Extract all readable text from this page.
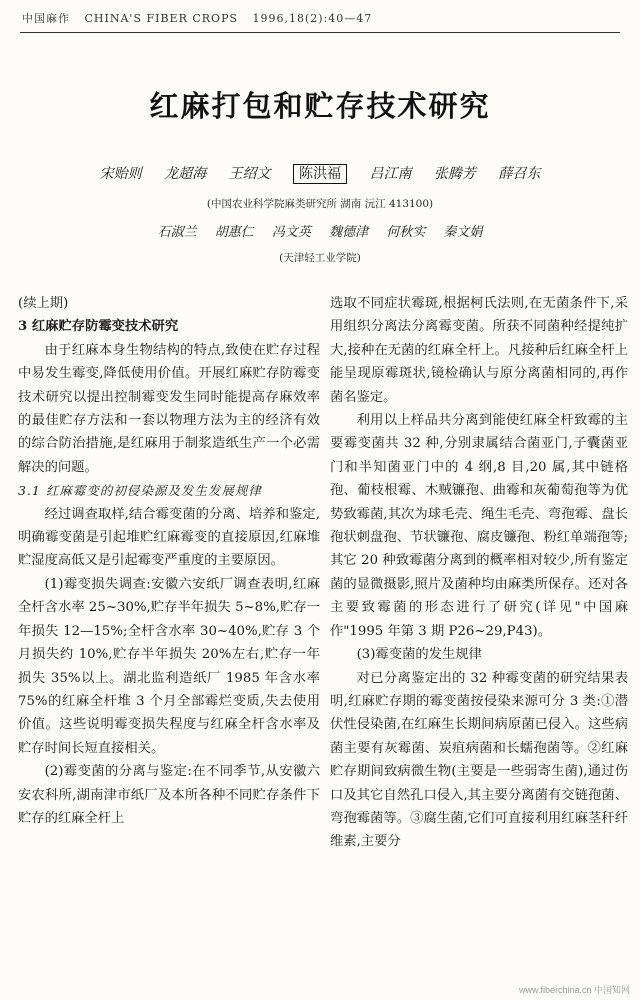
中国麻作 CHINA'S FIBER CROPS 1996,18(2):40—47
红麻打包和贮存技术研究
宋贻则 龙超海 王绍文 陈洪福 吕江南 张腾芳 薛召东
(中国农业科学院麻类研究所 湖南 沅江 413100)
石淑兰 胡惠仁 冯文英 魏德津 何秋实 秦文娟
(天津轻工业学院)

(续上期)

3 红麻贮存防霉变技术研究

由于红麻本身生物结构的特点,致使在贮存过程中易发生霉变,降低使用价值。开展红麻贮存防霉变技术研究以提出控制霉变发生同时能提高存麻效率的最佳贮存方法和一套以物理方法为主的经济有效的综合防治措施,是红麻用于制浆造纸生产一个必需解决的问题。

3.1 红麻霉变的初侵染源及发生发展规律

经过调查取样,结合霉变菌的分离、培养和鉴定,明确霉变菌是引起堆贮红麻霉变的直接原因,红麻堆贮湿度高低又是引起霉变严重度的主要原因。

(1)霉变损失调查:安徽六安纸厂调查表明,红麻全杆含水率 25~30%,贮存半年损失 5~8%,贮存一年损失 12—15%;全杆含水率 30~40%,贮存 3 个月损失约 10%,贮存半年损失 20%左右,贮存一年损失 35%以上。湖北监利造纸厂 1985 年含水率 75%的红麻全杆堆 3 个月全部霉烂变质,失去使用价值。这些说明霉变损失程度与红麻全杆含水率及贮存时间长短直接相关。

(2)霉变菌的分离与鉴定:在不同季节,从安徽六安农科所,湖南津市纸厂及本所各种不同贮存条件下贮存的红麻全杆上

选取不同症状霉斑,根据柯氏法则,在无菌条件下,采用组织分离法分离霉变菌。所获不同菌种经提纯扩大,接种在无菌的红麻全杆上。凡接种后红麻全杆上能呈现原霉斑状,镜检确认与原分离菌相同的,再作菌名鉴定。

利用以上样品共分离到能使红麻全杆致霉的主要霉变菌共 32 种,分别隶属结合菌亚门,子囊菌亚门和半知菌亚门中的 4 纲,8 目,20 属,其中链格孢、葡枝根霉、木贼镰孢、曲霉和灰葡萄孢等为优势致霉菌,其次为球毛壳、绳生毛壳、弯孢霉、盘长孢状刺盘孢、节状镰孢、腐皮镰孢、粉红单端孢等;其它 20 种致霉菌分离到的概率相对较少,所有鉴定菌的显微摄影,照片及菌种均由麻类所保存。还对各主要致霉菌的形态进行了研究(详见"中国麻作"1995 年第 3 期 P26~29,P43)。

(3)霉变菌的发生规律

对已分离鉴定出的 32 种霉变菌的研究结果表明,红麻贮存期的霉变菌按侵染来源可分 3 类:①潜伏性侵染菌,在红麻生长期间病原菌已侵入。这些病菌主要有灰霉菌、炭疽病菌和长蠕孢菌等。②红麻贮存期间致病微生物(主要是一些弱寄生菌),通过伤口及其它自然孔口侵入,其主要分离菌有交链孢菌、弯孢霉菌等。③腐生菌,它们可直接利用红麻茎秆纤维素,主要分

www.fiberchina.cn 中国知网
